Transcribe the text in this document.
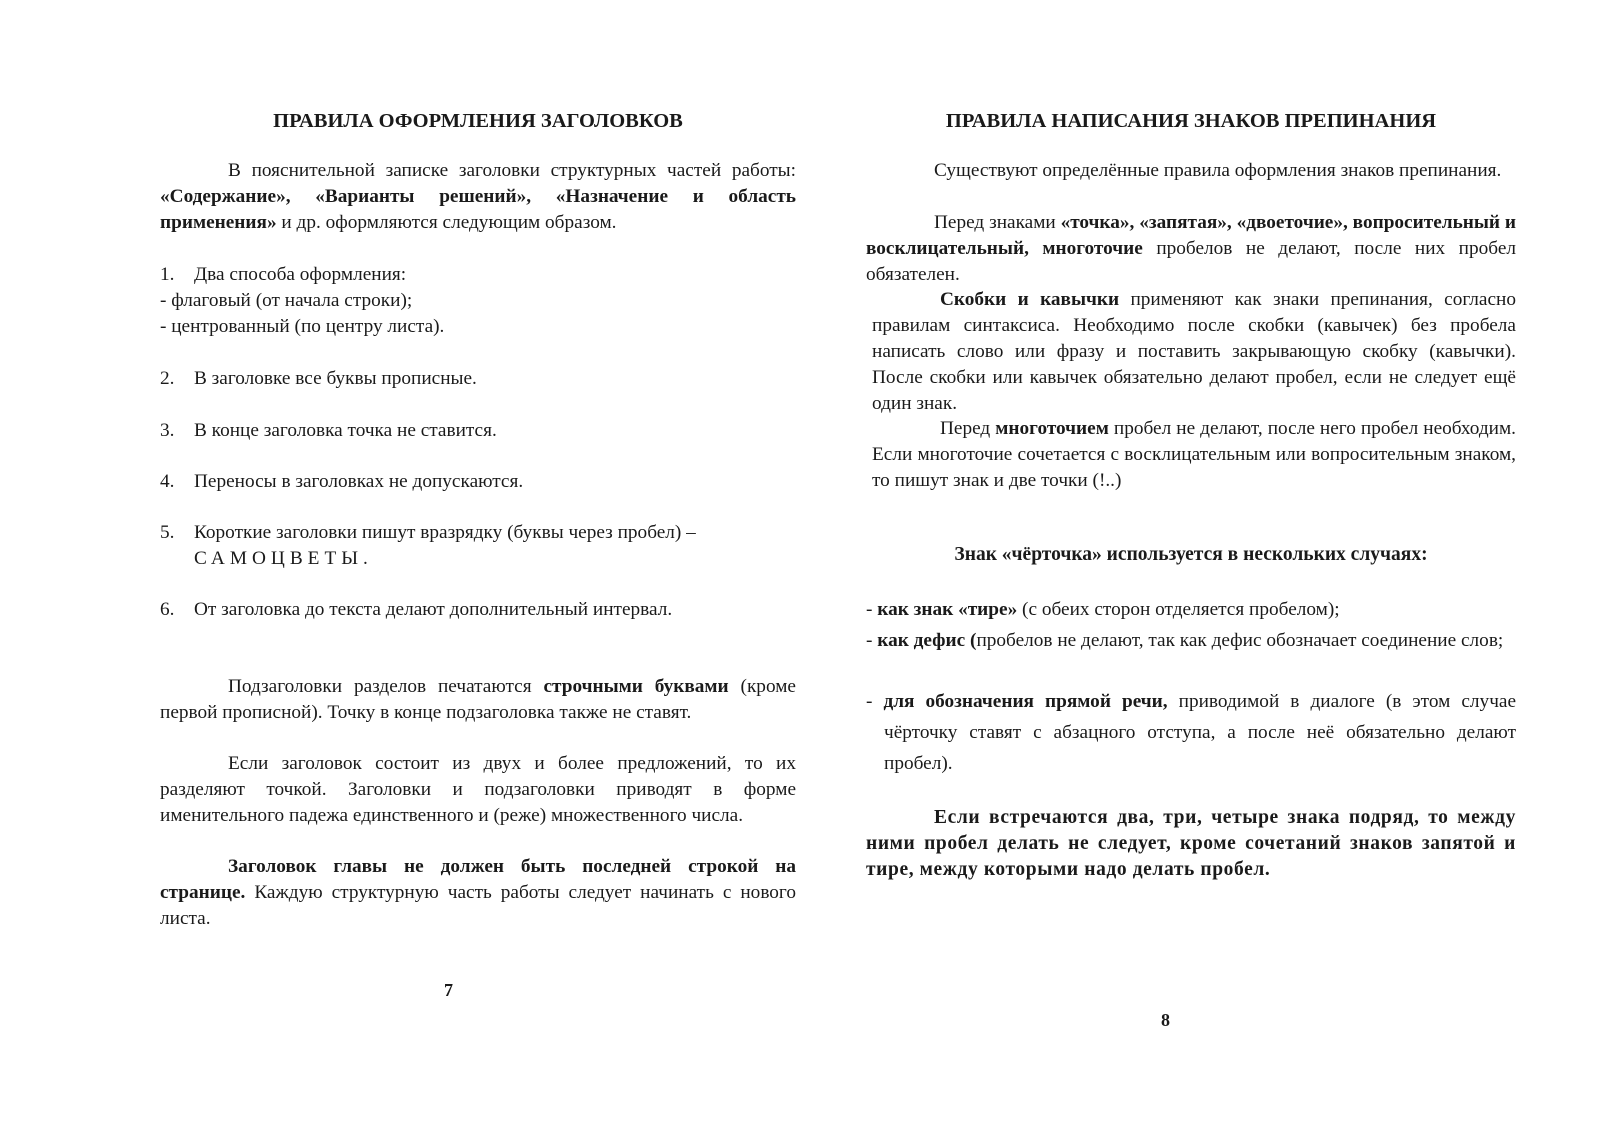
ПРАВИЛА ОФОРМЛЕНИЯ ЗАГОЛОВКОВ

В пояснительной записке заголовки структурных частей работы: «Содержание», «Варианты решений», «Назначение и область применения» и др. оформляются следующим образом.

1.	Два способа оформления:

- флаговый (от начала строки);

- центрованный (по центру листа).

2.	В заголовке все буквы прописные.
3.	В конце заголовка точка не ставится.
4.	Переносы в заголовках не допускаются.
5.	Короткие заголовки пишут вразрядку (буквы через пробел) –
САМОЦВЕТЫ.
6.	От заголовка до текста делают дополнительный интервал.

Подзаголовки разделов печатаются строчными буквами (кроме первой прописной). Точку в конце подзаголовка также не ставят.

Если заголовок состоит из двух и более предложений, то их разделяют точкой. Заголовки и подзаголовки приводят в форме именительного падежа единственного и (реже) множественного числа.

Заголовок главы не должен быть последней строкой на странице. Каждую структурную часть работы следует начинать с нового листа.

7
ПРАВИЛА НАПИСАНИЯ ЗНАКОВ ПРЕПИНАНИЯ

Существуют определённые правила оформления знаков препинания.

Перед знаками «точка», «запятая», «двоеточие», вопросительный и восклицательный, многоточие пробелов не делают, после них пробел обязателен.

Скобки и кавычки применяют как знаки препинания, согласно правилам синтаксиса. Необходимо после скобки (кавычек) без пробела написать слово или фразу и поставить закрывающую скобку (кавычки). После скобки или кавычек обязательно делают пробел, если не следует ещё один знак.

Перед многоточием пробел не делают, после него пробел необходим. Если многоточие сочетается с восклицательным или вопросительным знаком, то пишут знак и две точки (!..)

Знак «чёрточка» используется в нескольких случаях:

- как знак «тире» (с обеих сторон отделяется пробелом);
- как дефис (пробелов не делают, так как дефис обозначает соединение слов;
- для обозначения прямой речи, приводимой в диалоге (в этом случае чёрточку ставят с абзацного отступа, а после неё обязательно делают пробел).

Если встречаются два, три, четыре знака подряд, то между ними пробел делать не следует, кроме сочетаний знаков запятой и тире, между которыми надо делать пробел.

8
